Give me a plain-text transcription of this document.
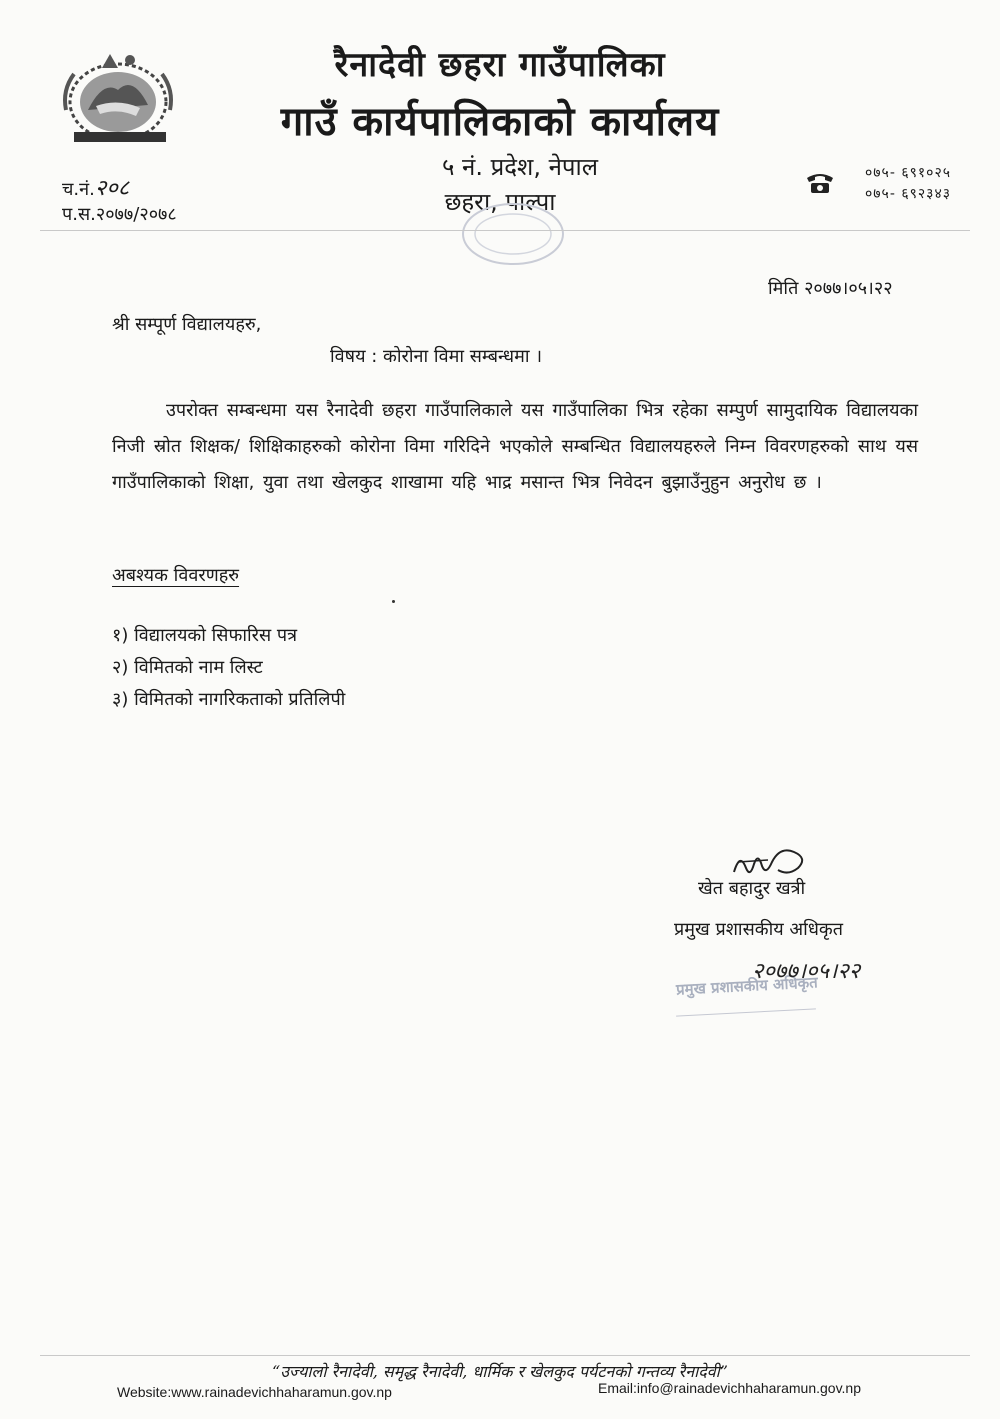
रैनादेवी छहरा गाउँपालिका
गाउँ कार्यपालिकाको कार्यालय
५ नं. प्रदेश, नेपाल
छहरा, पाल्पा
च.नं.२०८
प.स.२०७७/२०७८
०७५- ६९१०२५
०७५- ६९२३४३
मिति २०७७।०५।२२
श्री सम्पूर्ण विद्यालयहरु,
विषय : कोरोना विमा सम्बन्धमा ।
उपरोक्त सम्बन्धमा यस रैनादेवी छहरा गाउँपालिकाले यस गाउँपालिका भित्र रहेका सम्पुर्ण सामुदायिक विद्यालयका निजी स्रोत शिक्षक/ शिक्षिकाहरुको कोरोना विमा गरिदिने भएकोले सम्बन्धित विद्यालयहरुले निम्न विवरणहरुको साथ यस गाउँपालिकाको शिक्षा, युवा तथा खेलकुद शाखामा यहि भाद्र मसान्त भित्र निवेदन बुझाउँनुहुन अनुरोध छ ।
अबश्यक विवरणहरु
१) विद्यालयको सिफारिस पत्र
२) विमितको नाम लिस्ट
३) विमितको नागरिकताको प्रतिलिपी
खेत बहादुर खत्री
प्रमुख प्रशासकीय अधिकृत
प्रमुख प्रशासकीय अधिकृत
२०७७।०५।२२
“उज्यालो रैनादेवी, समृद्ध रैनादेवी, धार्मिक र खेलकुद पर्यटनको गन्तव्य रैनादेवी”
Website:www.rainadevichhaharamun.gov.np	Email:info@rainadevichhaharamun.gov.np
